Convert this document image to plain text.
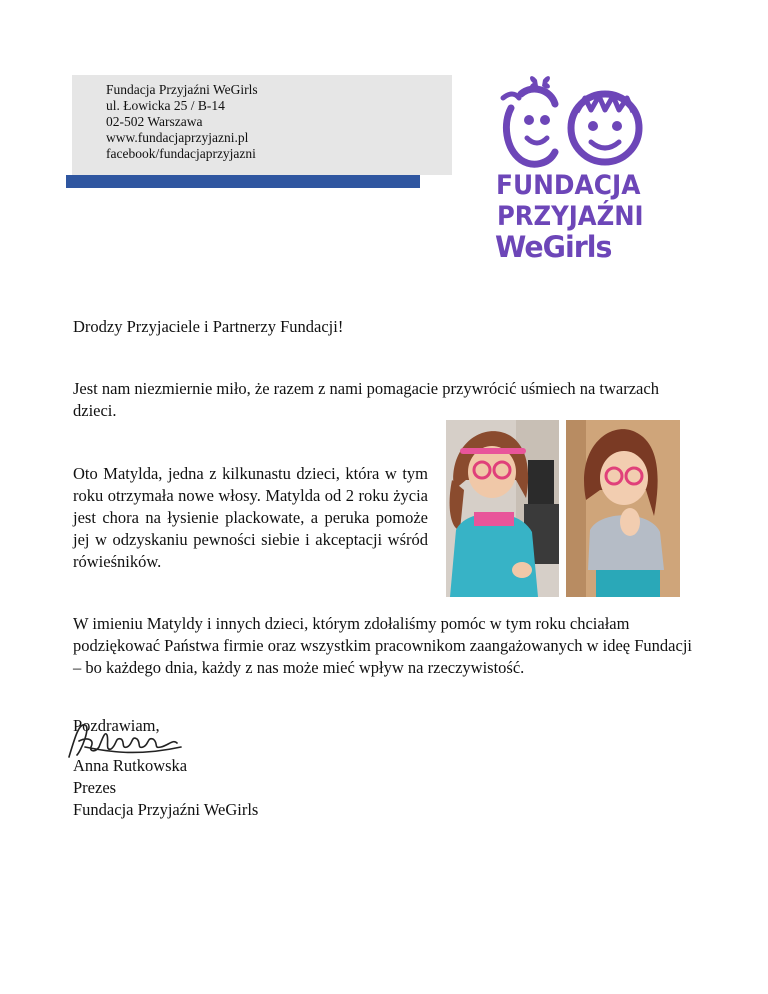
Fundacja Przyjaźni WeGirls
ul. Łowicka 25 / B-14
02-502 Warszawa
www.fundacjaprzyjazni.pl
facebook/fundacjaprzyjazni
FUNDACJA
PRZYJAŹNI
WeGirls
Drodzy Przyjaciele i Partnerzy Fundacji!
Jest nam niezmiernie miło, że razem z nami pomagacie przywrócić uśmiech na twarzach dzieci.
Oto Matylda, jedna z kilkunastu dzieci, która w tym roku otrzymała nowe włosy. Matylda od 2 roku życia jest chora na łysienie plackowate, a peruka pomoże jej w odzyskaniu pewności siebie i akceptacji wśród rówieśników.
W imieniu Matyldy i innych dzieci, którym zdołaliśmy pomóc w tym roku chciałam podziękować Państwa firmie oraz wszystkim pracownikom zaangażowanych w ideę Fundacji – bo każdego dnia, każdy z nas może mieć wpływ na rzeczywistość.
Pozdrawiam,
Anna Rutkowska
Prezes
Fundacja Przyjaźni WeGirls
